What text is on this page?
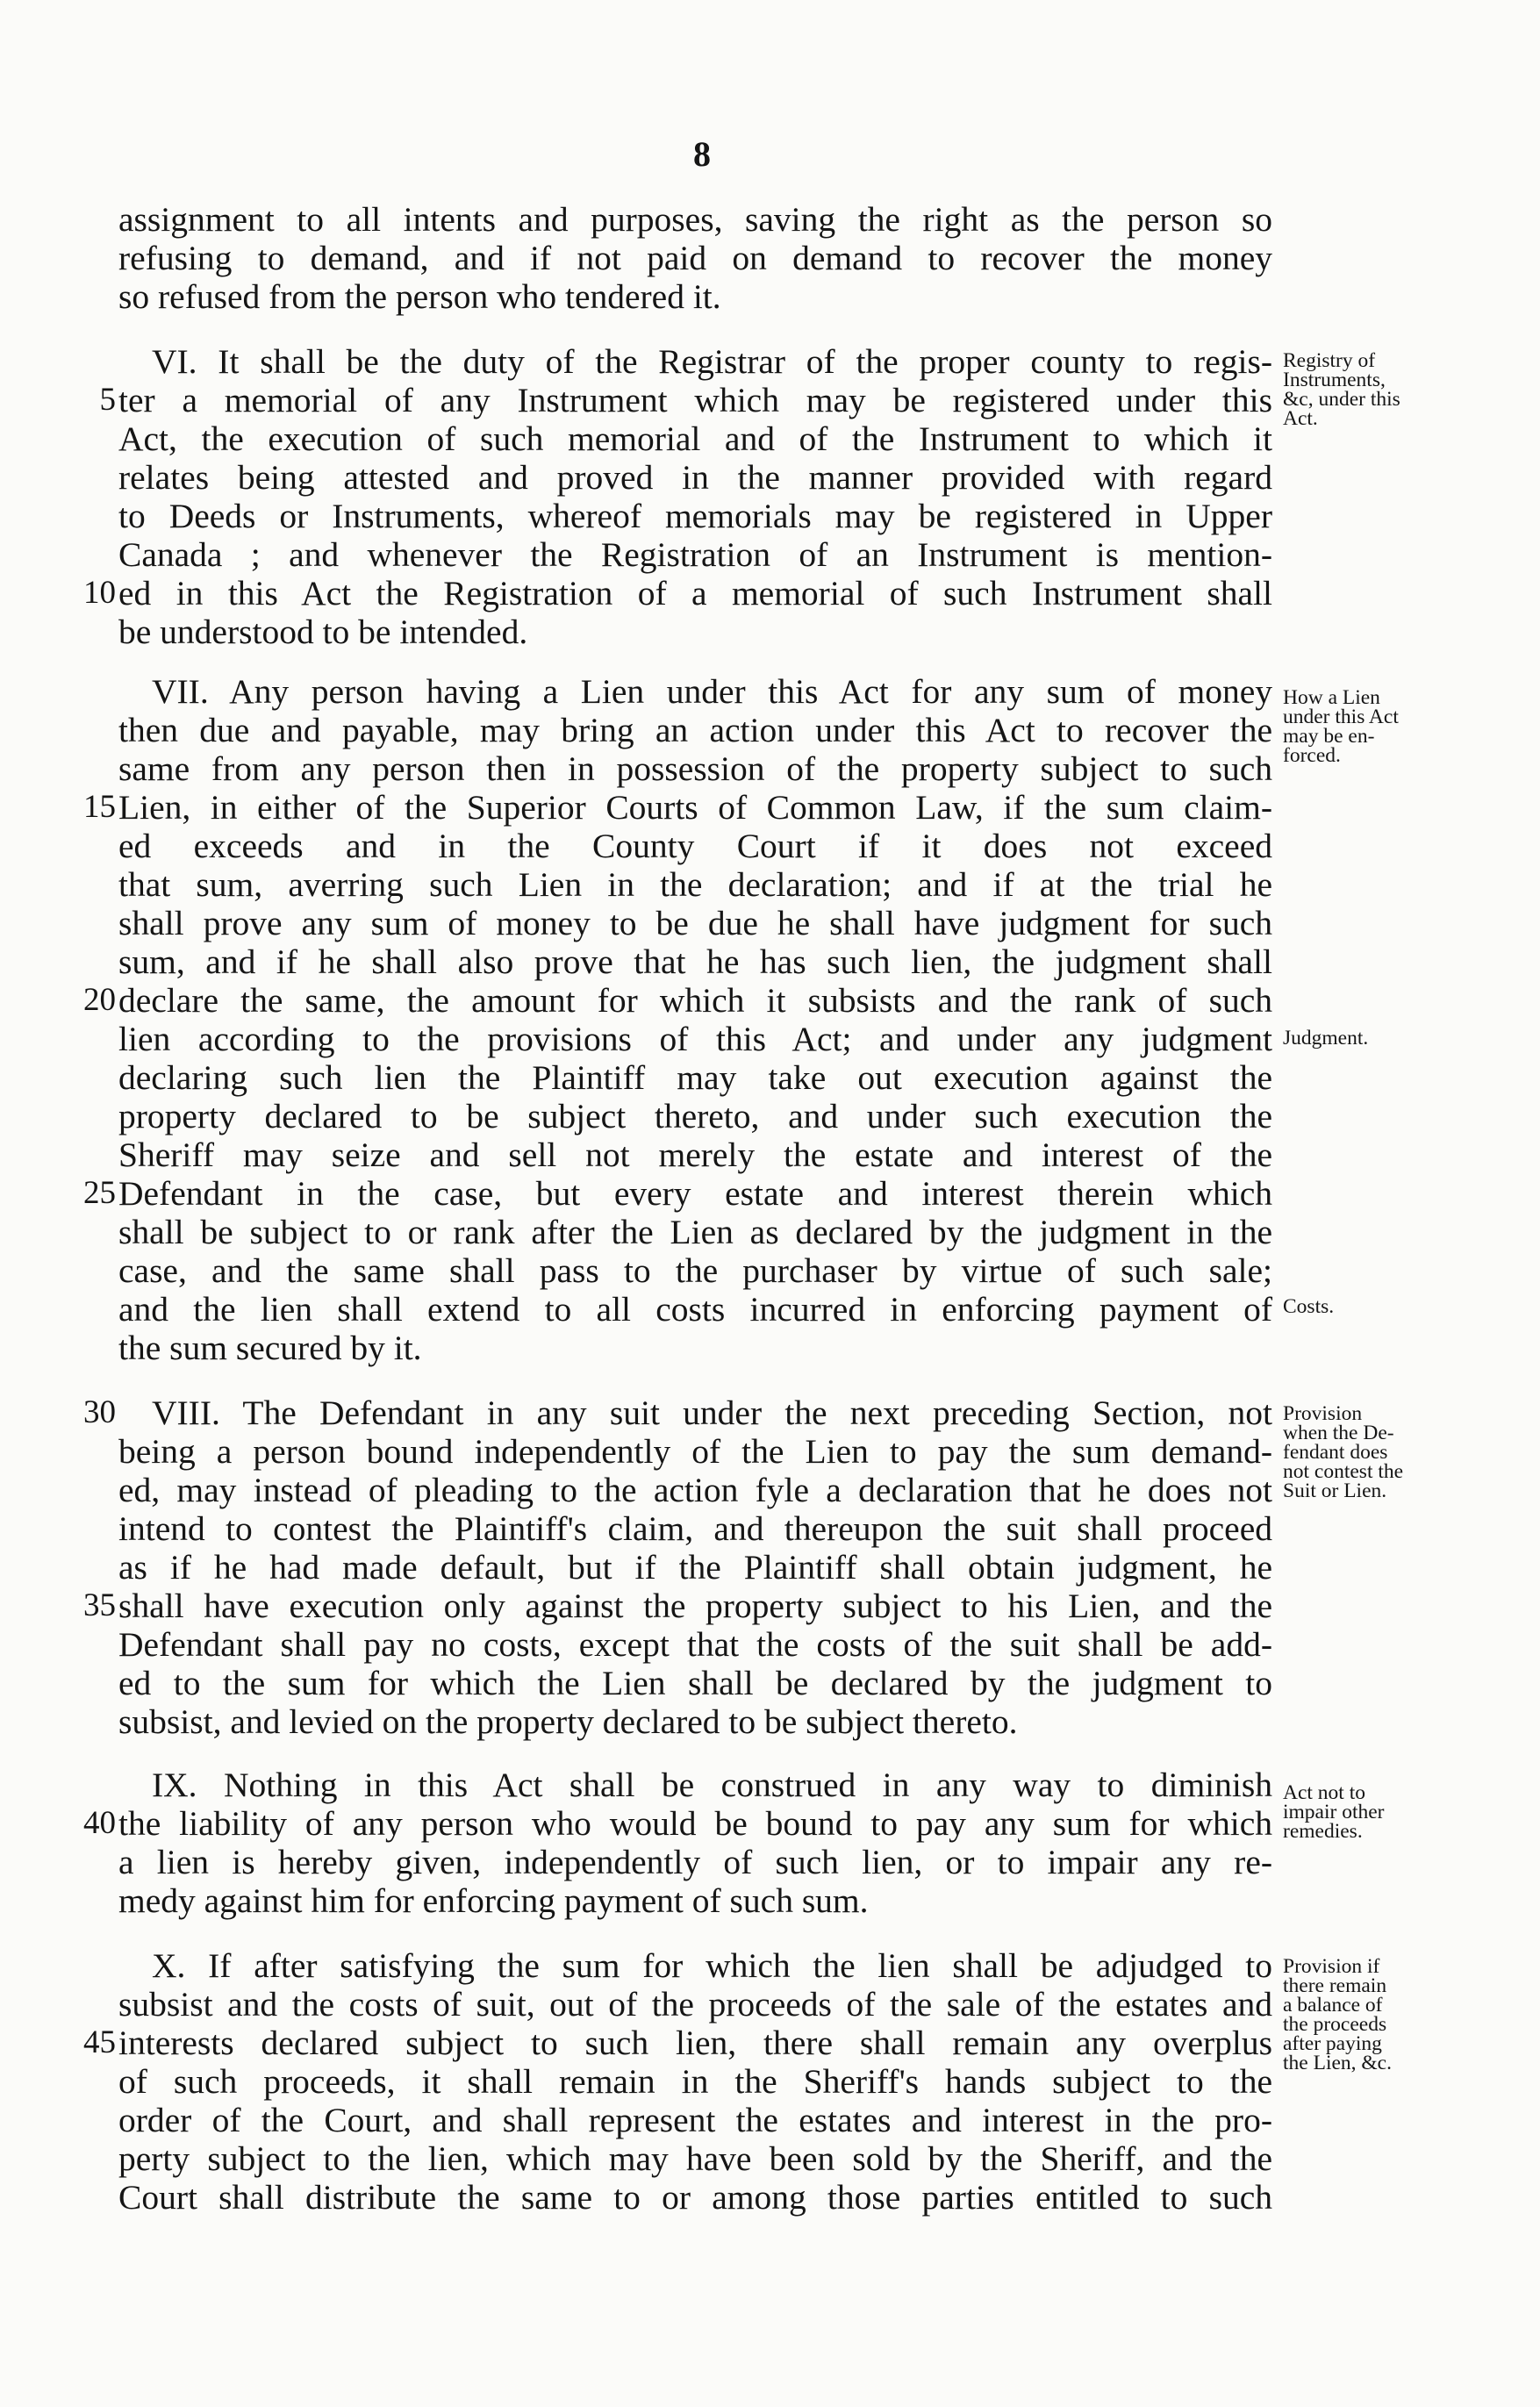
8
assignment to all intents and purposes, saving the right as the person so
refusing to demand, and if not paid on demand to recover the money
so refused from the person who tendered it.
VI. It shall be the duty of the Registrar of the proper county to regis-
ter a memorial of any Instrument which may be registered under this
Act, the execution of such memorial and of the Instrument to which it
relates being attested and proved in the manner provided with regard
to Deeds or Instruments, whereof memorials may be registered in Upper
Canada ; and whenever the Registration of an Instrument is mention-
ed in this Act the Registration of a memorial of such Instrument shall
be understood to be intended.
VII. Any person having a Lien under this Act for any sum of money
then due and payable, may bring an action under this Act to recover the
same from any person then in possession of the property subject to such
Lien, in either of the Superior Courts of Common Law, if the sum claim-
ed exceeds and in the County Court if it does not exceed
that sum, averring such Lien in the declaration; and if at the trial he
shall prove any sum of money to be due he shall have judgment for such
sum, and if he shall also prove that he has such lien, the judgment shall
declare the same, the amount for which it subsists and the rank of such
lien according to the provisions of this Act; and under any judgment
declaring such lien the Plaintiff may take out execution against the
property declared to be subject thereto, and under such execution the
Sheriff may seize and sell not merely the estate and interest of the
Defendant in the case, but every estate and interest therein which
shall be subject to or rank after the Lien as declared by the judgment in the
case, and the same shall pass to the purchaser by virtue of such sale;
and the lien shall extend to all costs incurred in enforcing payment of
the sum secured by it.
VIII. The Defendant in any suit under the next preceding Section, not
being a person bound independently of the Lien to pay the sum demand-
ed, may instead of pleading to the action fyle a declaration that he does not
intend to contest the Plaintiff's claim, and thereupon the suit shall proceed
as if he had made default, but if the Plaintiff shall obtain judgment, he
shall have execution only against the property subject to his Lien, and the
Defendant shall pay no costs, except that the costs of the suit shall be add-
ed to the sum for which the Lien shall be declared by the judgment to
subsist, and levied on the property declared to be subject thereto.
IX. Nothing in this Act shall be construed in any way to diminish
the liability of any person who would be bound to pay any sum for which
a lien is hereby given, independently of such lien, or to impair any re-
medy against him for enforcing payment of such sum.
X. If after satisfying the sum for which the lien shall be adjudged to
subsist and the costs of suit, out of the proceeds of the sale of the estates and
interests declared subject to such lien, there shall remain any overplus
of such proceeds, it shall remain in the Sheriff's hands subject to the
order of the Court, and shall represent the estates and interest in the pro-
perty subject to the lien, which may have been sold by the Sheriff, and the
Court shall distribute the same to or among those parties entitled to such
5
10
15
20
25
30
35
40
45
Registry of
Instruments,
&c, under this
Act.
How a Lien
under this Act
may be en-
forced.
Judgment.
Costs.
Provision
when the De-
fendant does
not contest the
Suit or Lien.
Act not to
impair other
remedies.
Provision if
there remain
a balance of
the proceeds
after paying
the Lien, &c.
